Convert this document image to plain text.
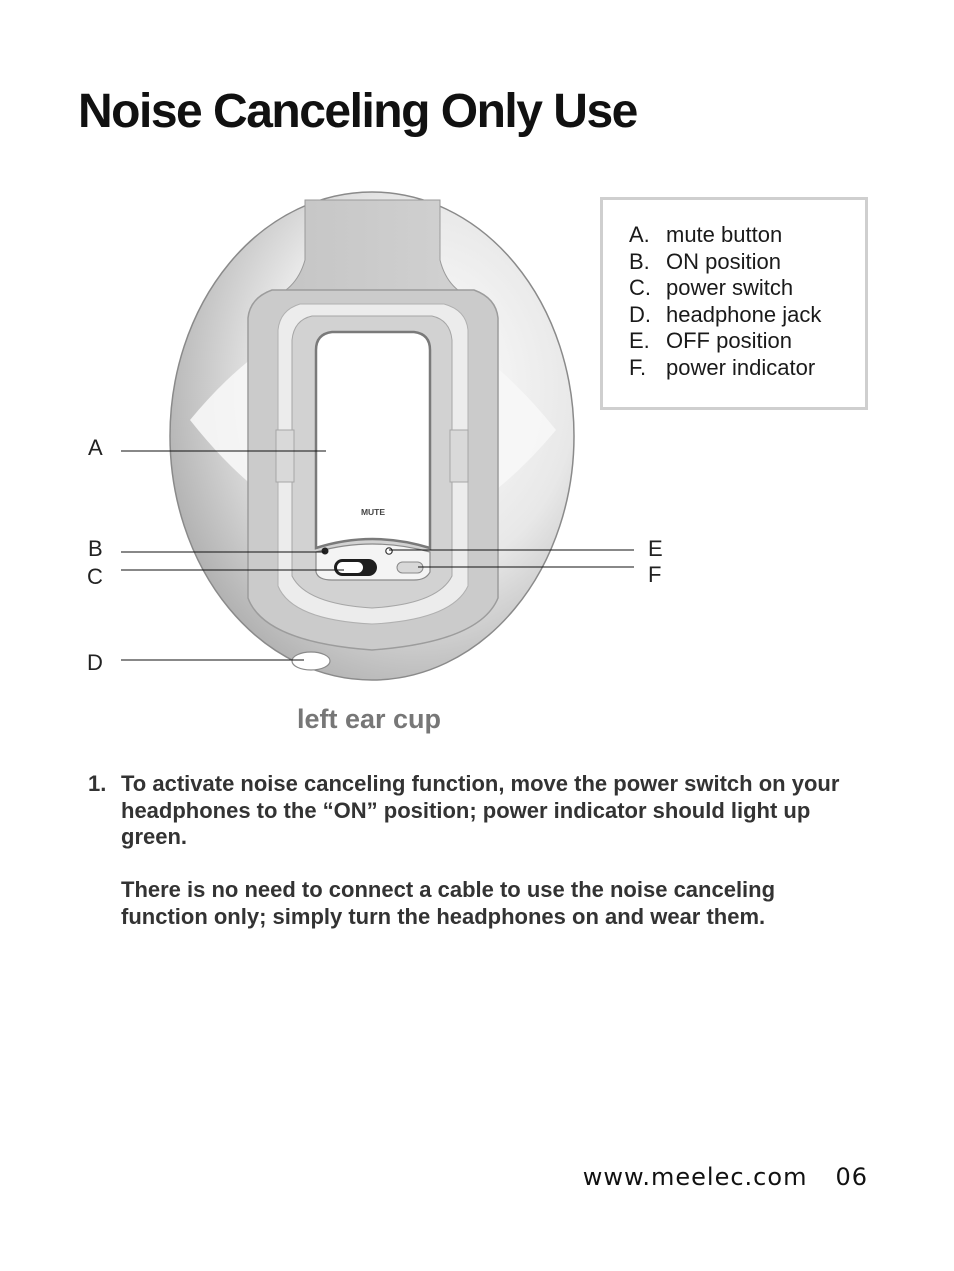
Noise Canceling Only Use
A. mute button
B. ON position
C. power switch
D. headphone jack
E. OFF position
F. power indicator
MUTE
A
B
C
D
E
F
left ear cup
1. To activate noise canceling function, move the power switch on your headphones to the “ON” position; power indicator should light up green.

There is no need to connect a cable to use the noise canceling function only; simply turn the headphones on and wear them.

www.meelec.com 06
